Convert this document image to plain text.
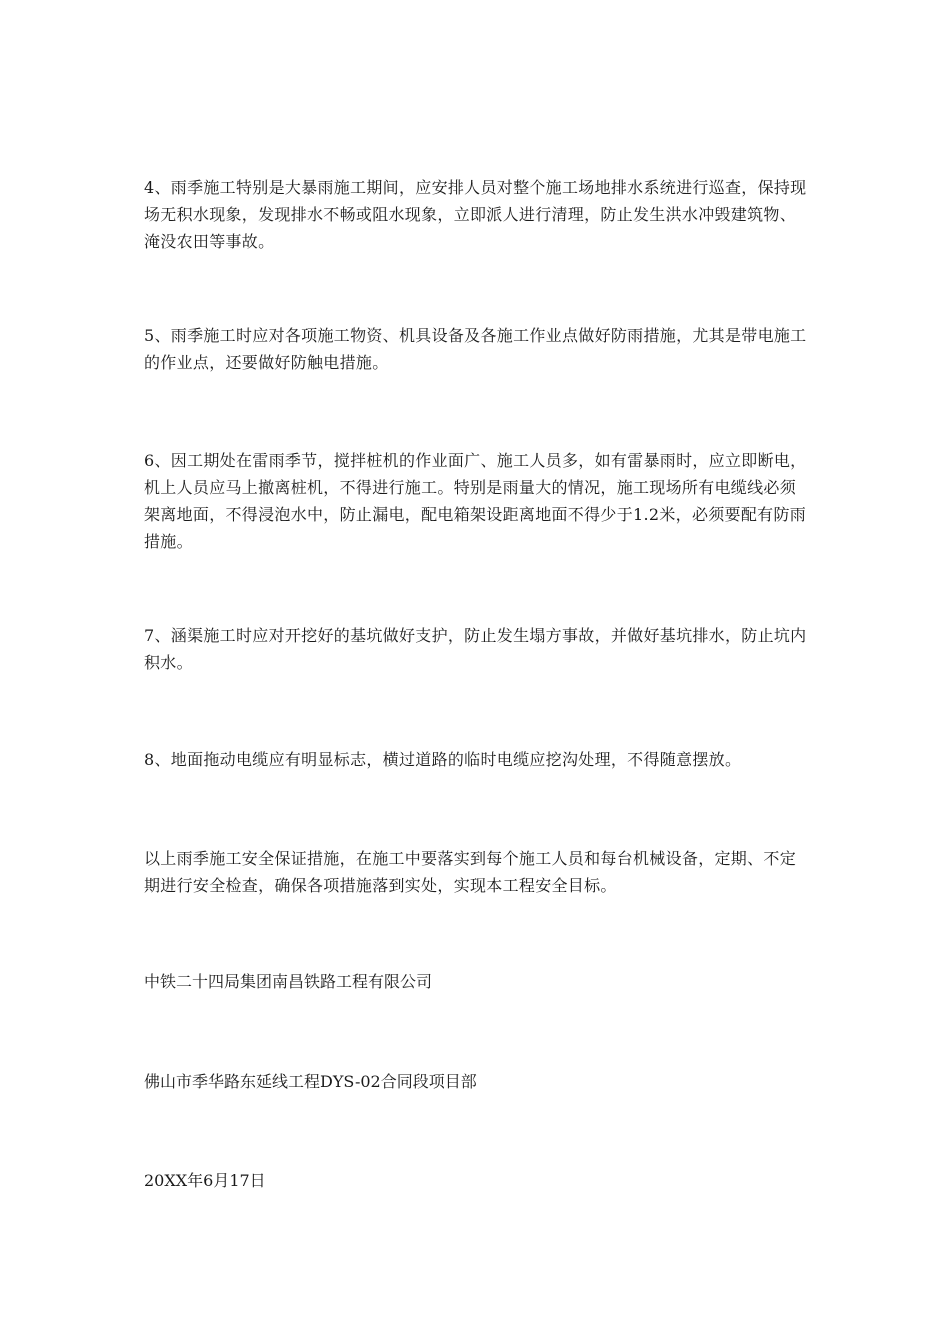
4、雨季施工特别是大暴雨施工期间，应安排人员对整个施工场地排水系统进行巡查，保持现场无积水现象，发现排水不畅或阻水现象，立即派人进行清理，防止发生洪水冲毁建筑物、淹没农田等事故。

5、雨季施工时应对各项施工物资、机具设备及各施工作业点做好防雨措施，尤其是带电施工的作业点，还要做好防触电措施。

6、因工期处在雷雨季节，搅拌桩机的作业面广、施工人员多，如有雷暴雨时，应立即断电，机上人员应马上撤离桩机，不得进行施工。特别是雨量大的情况，施工现场所有电缆线必须架离地面，不得浸泡水中，防止漏电，配电箱架设距离地面不得少于1.2米，必须要配有防雨措施。

7、涵渠施工时应对开挖好的基坑做好支护，防止发生塌方事故，并做好基坑排水，防止坑内积水。

8、地面拖动电缆应有明显标志，横过道路的临时电缆应挖沟处理，不得随意摆放。

以上雨季施工安全保证措施，在施工中要落实到每个施工人员和每台机械设备，定期、不定期进行安全检查，确保各项措施落到实处，实现本工程安全目标。

中铁二十四局集团南昌铁路工程有限公司

佛山市季华路东延线工程DYS-02合同段项目部

20XX年6月17日
